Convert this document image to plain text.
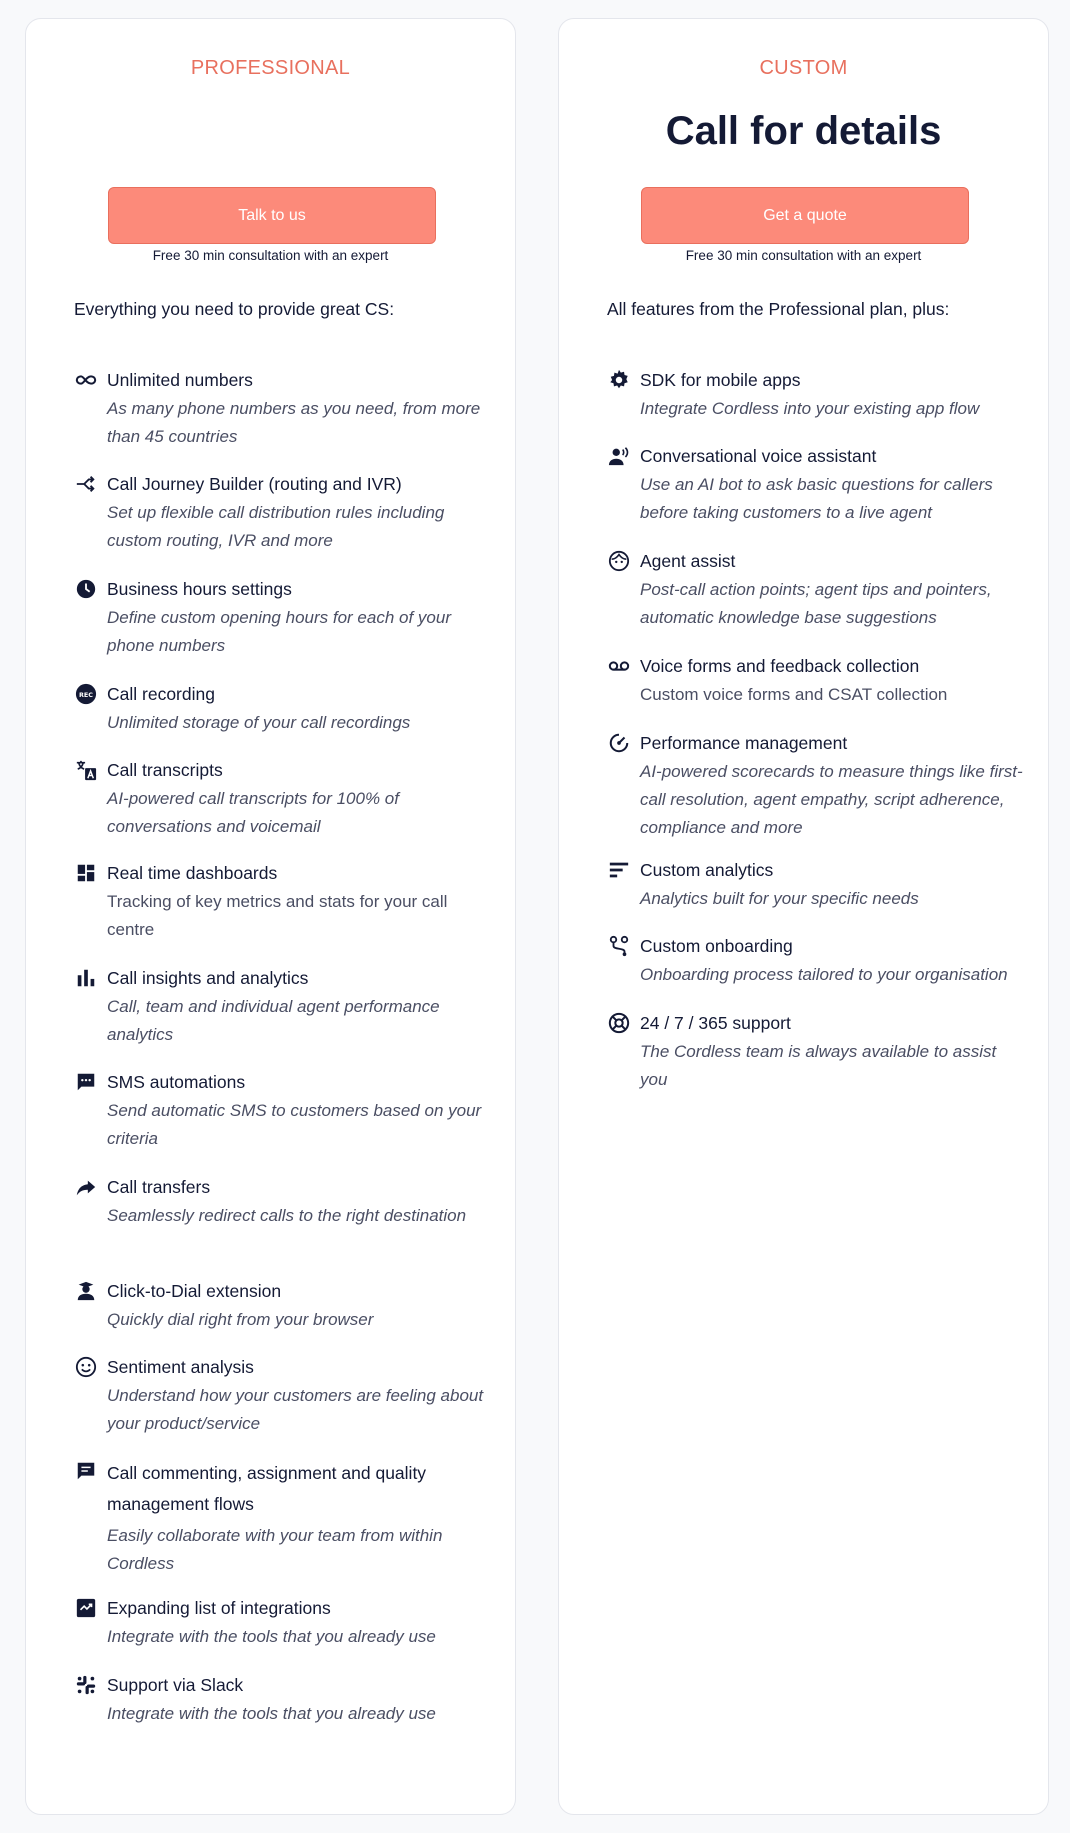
PROFESSIONAL
Talk to us
Free 30 min consultation with an expert
Everything you need to provide great CS:
Unlimited numbers
As many phone numbers as you need, from more than 45 countries
Call Journey Builder (routing and IVR)
Set up flexible call distribution rules including custom routing, IVR and more
Business hours settings
Define custom opening hours for each of your phone numbers
REC Call recording
Unlimited storage of your call recordings
Call transcripts
AI-powered call transcripts for 100% of conversations and voicemail
Real time dashboards
Tracking of key metrics and stats for your call centre
Call insights and analytics
Call, team and individual agent performance analytics
SMS automations
Send automatic SMS to customers based on your criteria
Call transfers
Seamlessly redirect calls to the right destination
Click-to-Dial extension
Quickly dial right from your browser
Sentiment analysis
Understand how your customers are feeling about your product/service
Call commenting, assignment and quality management flows
Easily collaborate with your team from within Cordless
Expanding list of integrations
Integrate with the tools that you already use
Support via Slack
Integrate with the tools that you already use
CUSTOM
Call for details
Get a quote
Free 30 min consultation with an expert
All features from the Professional plan, plus:
SDK for mobile apps
Integrate Cordless into your existing app flow
Conversational voice assistant
Use an AI bot to ask basic questions for callers before taking customers to a live agent
Agent assist
Post-call action points; agent tips and pointers, automatic knowledge base suggestions
Voice forms and feedback collection
Custom voice forms and CSAT collection
Performance management
AI-powered scorecards to measure things like first-call resolution, agent empathy, script adherence, compliance and more
Custom analytics
Analytics built for your specific needs
Custom onboarding
Onboarding process tailored to your organisation
24 / 7 / 365 support
The Cordless team is always available to assist you
